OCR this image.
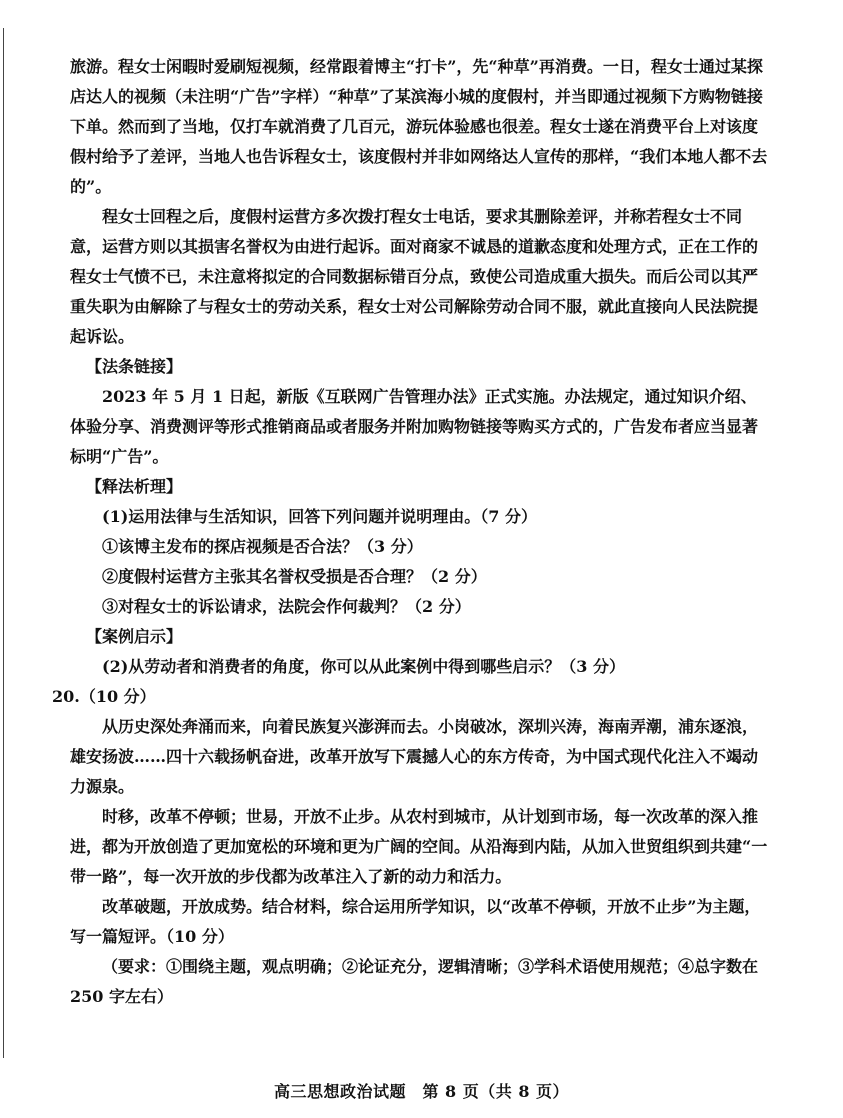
旅游。程女士闲暇时爱刷短视频，经常跟着博主“打卡”，先“种草”再消费。一日，程女士通过某探店达人的视频（未注明“广告”字样）“种草”了某滨海小城的度假村，并当即通过视频下方购物链接下单。然而到了当地，仅打车就消费了几百元，游玩体验感也很差。程女士遂在消费平台上对该度假村给予了差评，当地人也告诉程女士，该度假村并非如网络达人宣传的那样，“我们本地人都不去的”。

程女士回程之后，度假村运营方多次拨打程女士电话，要求其删除差评，并称若程女士不同意，运营方则以其损害名誉权为由进行起诉。面对商家不诚恳的道歉态度和处理方式，正在工作的程女士气愤不已，未注意将拟定的合同数据标错百分点，致使公司造成重大损失。而后公司以其严重失职为由解除了与程女士的劳动关系，程女士对公司解除劳动合同不服，就此直接向人民法院提起诉讼。

【法条链接】

2023 年 5 月 1 日起，新版《互联网广告管理办法》正式实施。办法规定，通过知识介绍、体验分享、消费测评等形式推销商品或者服务并附加购物链接等购买方式的，广告发布者应当显著标明“广告”。

【释法析理】

(1)运用法律与生活知识，回答下列问题并说明理由。（7 分）

①该博主发布的探店视频是否合法？（3 分）

②度假村运营方主张其名誉权受损是否合理？（2 分）

③对程女士的诉讼请求，法院会作何裁判？（2 分）

【案例启示】

(2)从劳动者和消费者的角度，你可以从此案例中得到哪些启示？（3 分）

20.（10 分）

从历史深处奔涌而来，向着民族复兴澎湃而去。小岗破冰，深圳兴涛，海南弄潮，浦东逐浪，雄安扬波……四十六载扬帆奋进，改革开放写下震撼人心的东方传奇，为中国式现代化注入不竭动力源泉。

时移，改革不停顿；世易，开放不止步。从农村到城市，从计划到市场，每一次改革的深入推进，都为开放创造了更加宽松的环境和更为广阔的空间。从沿海到内陆，从加入世贸组织到共建“一带一路”，每一次开放的步伐都为改革注入了新的动力和活力。

改革破题，开放成势。结合材料，综合运用所学知识，以“改革不停顿，开放不止步”为主题，写一篇短评。（10 分）

（要求：①围绕主题，观点明确；②论证充分，逻辑清晰；③学科术语使用规范；④总字数在 250 字左右）

高三思想政治试题　第 8 页（共 8 页）
